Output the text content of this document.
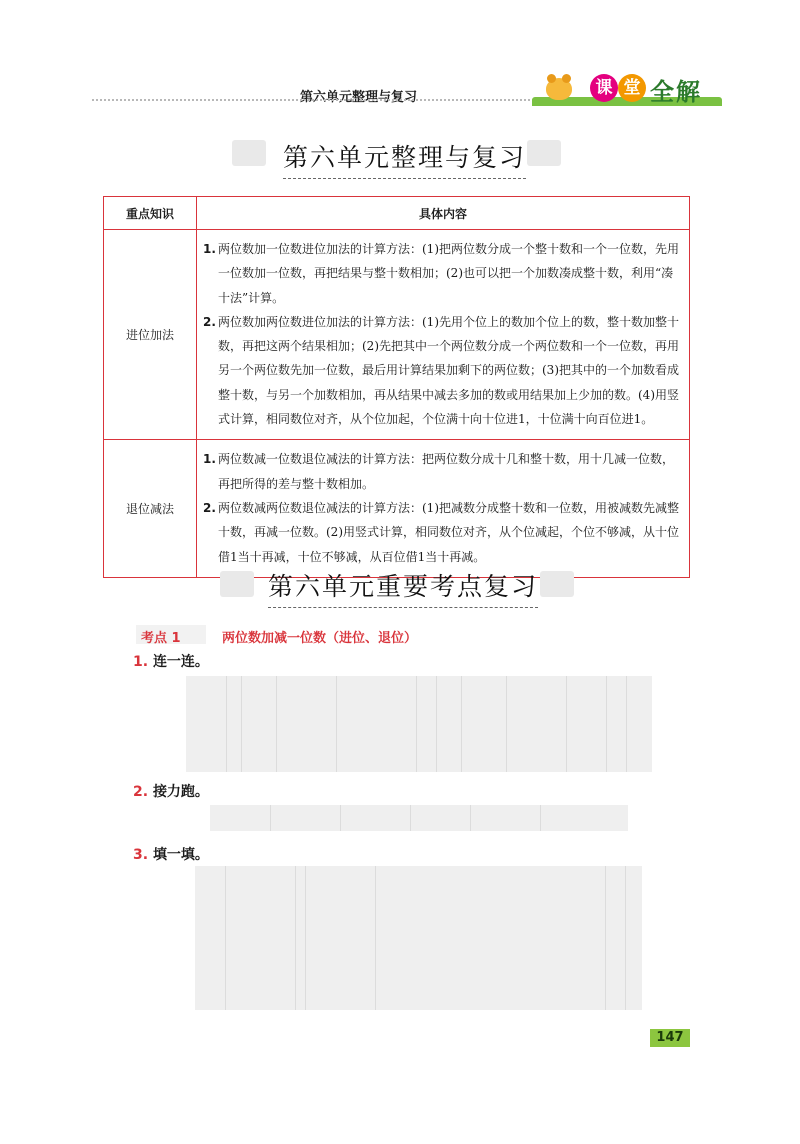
第六单元整理与复习	课 堂 全解
第六单元整理与复习
重点知识	具体内容
进位加法	1. 两位数加一位数进位加法的计算方法：(1)把两位数分成一个整十数和一个一位数，先用一位数加一位数，再把结果与整十数相加；(2)也可以把一个加数凑成整十数，利用“凑十法”计算。
2. 两位数加两位数进位加法的计算方法：(1)先用个位上的数加个位上的数，整十数加整十数，再把这两个结果相加；(2)先把其中一个两位数分成一个两位数和一个一位数，再用另一个两位数先加一位数，最后用计算结果加剩下的两位数；(3)把其中的一个加数看成整十数，与另一个加数相加，再从结果中减去多加的数或用结果加上少加的数。(4)用竖式计算，相同数位对齐，从个位加起，个位满十向十位进1，十位满十向百位进1。

退位减法	1. 两位数减一位数退位减法的计算方法：把两位数分成十几和整十数，用十几减一位数，再把所得的差与整十数相加。
2. 两位数减两位数退位减法的计算方法：(1)把减数分成整十数和一位数，用被减数先减整十数，再减一位数。(2)用竖式计算，相同数位对齐，从个位减起，个位不够减，从十位借1当十再减，十位不够减，从百位借1当十再减。
第六单元重要考点复习
考点 1	两位数加减一位数（进位、退位）
1. 连一连。
2. 接力跑。
3. 填一填。
147
